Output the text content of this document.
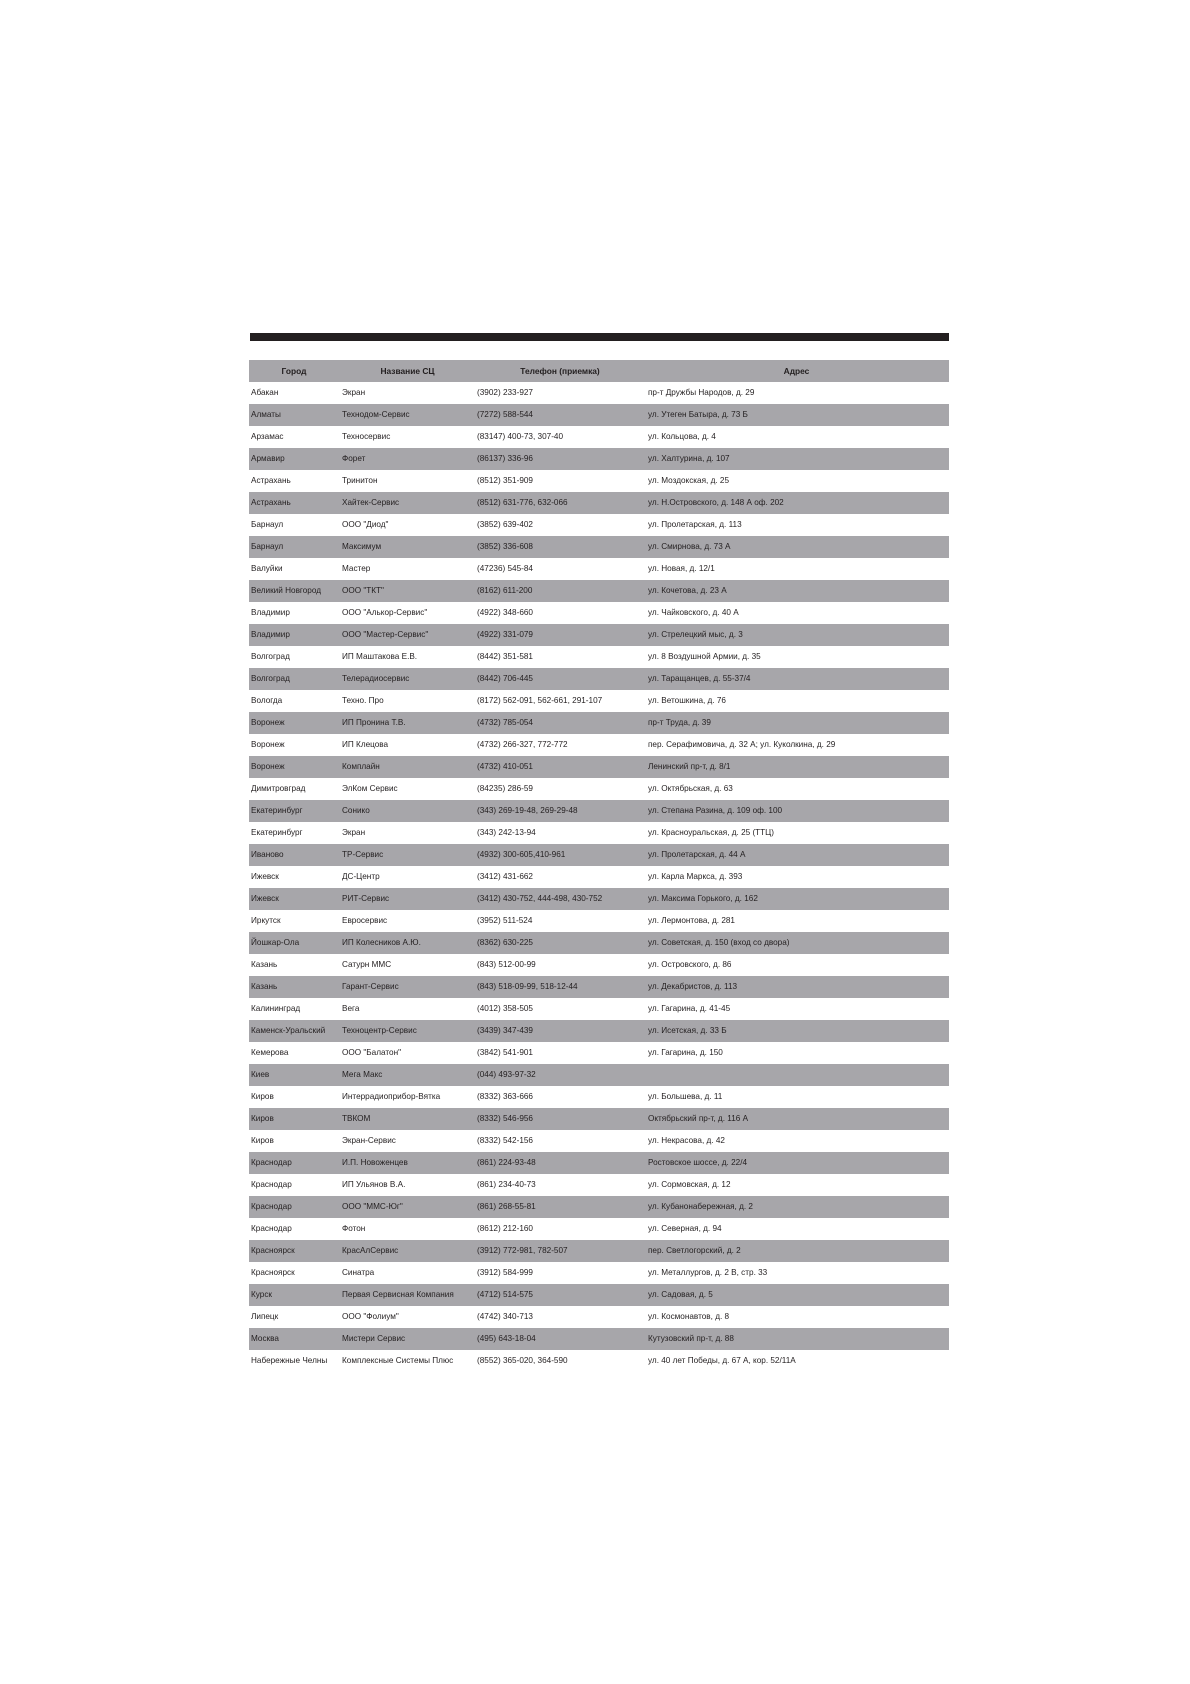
Город	Название СЦ	Телефон (приемка)	Адрес
Абакан	Экран	(3902) 233-927	пр-т Дружбы Народов, д. 29
Алматы	Технодом-Сервис	(7272) 588-544	ул. Утеген Батыра, д. 73 Б
Арзамас	Техносервис	(83147) 400-73, 307-40	ул. Кольцова, д. 4
Армавир	Форет	(86137) 336-96	ул. Халтурина, д. 107
Астрахань	Тринитон	(8512) 351-909	ул. Моздокская, д. 25
Астрахань	Хайтек-Сервис	(8512) 631-776, 632-066	ул. Н.Островского, д. 148 А оф. 202
Барнаул	ООО "Диод"	(3852) 639-402	ул. Пролетарская, д. 113
Барнаул	Максимум	(3852) 336-608	ул. Смирнова, д. 73 А
Валуйки	Мастер	(47236) 545-84	ул. Новая, д. 12/1
Великий Новгород	ООО "ТКТ"	(8162) 611-200	ул. Кочетова, д. 23 А
Владимир	ООО "Алькор-Сервис"	(4922) 348-660	ул. Чайковского, д. 40 А
Владимир	ООО "Мастер-Сервис"	(4922) 331-079	ул. Стрелецкий мыс, д. 3
Волгоград	ИП Маштакова Е.В.	(8442) 351-581	ул. 8 Воздушной Армии, д. 35
Волгоград	Телерадиосервис	(8442) 706-445	ул. Таращанцев, д. 55-37/4
Вологда	Техно. Про	(8172) 562-091, 562-661, 291-107	ул. Ветошкина, д. 76
Воронеж	ИП Пронина Т.В.	(4732) 785-054	пр-т Труда, д. 39
Воронеж	ИП Клецова	(4732) 266-327, 772-772	пер. Серафимовича, д. 32 А; ул. Куколкина, д. 29
Воронеж	Комплайн	(4732) 410-051	Ленинский пр-т, д. 8/1
Димитровград	ЭлКом Сервис	(84235) 286-59	ул. Октябрьская, д. 63
Екатеринбург	Сонико	(343) 269-19-48, 269-29-48	ул. Степана Разина, д. 109 оф. 100
Екатеринбург	Экран	(343) 242-13-94	ул. Красноуральская, д. 25 (ТТЦ)
Иваново	ТР-Сервис	(4932) 300-605,410-961	ул. Пролетарская, д. 44 А
Ижевск	ДС-Центр	(3412) 431-662	ул. Карла Маркса, д. 393
Ижевск	РИТ-Сервис	(3412) 430-752, 444-498, 430-752	ул. Максима Горького, д. 162
Иркутск	Евросервис	(3952) 511-524	ул. Лермонтова, д. 281
Йошкар-Ола	ИП Колесников А.Ю.	(8362) 630-225	ул. Советская, д. 150 (вход со двора)
Казань	Сатурн ММС	(843) 512-00-99	ул. Островского, д. 86
Казань	Гарант-Сервис	(843) 518-09-99, 518-12-44	ул. Декабристов, д. 113
Калининград	Вега	(4012) 358-505	ул. Гагарина, д. 41-45
Каменск-Уральский	Техноцентр-Сервис	(3439) 347-439	ул. Исетская, д. 33 Б
Кемерова	ООО "Балатон"	(3842) 541-901	ул. Гагарина, д. 150
Киев	Мега Макс	(044) 493-97-32	
Киров	Интеррадиоприбор-Вятка	(8332) 363-666	ул. Большева, д. 11
Киров	ТВКОМ	(8332) 546-956	Октябрьский пр-т, д. 116 А
Киров	Экран-Сервис	(8332) 542-156	ул. Некрасова, д. 42
Краснодар	И.П. Новоженцев	(861) 224-93-48	Ростовское шоссе, д. 22/4
Краснодар	ИП Ульянов В.А.	(861) 234-40-73	ул. Сормовская, д. 12
Краснодар	ООО "ММС-Юг"	(861) 268-55-81	ул. Кубанонабережная, д. 2
Краснодар	Фотон	(8612) 212-160	ул. Северная, д. 94
Красноярск	КрасАлСервис	(3912) 772-981, 782-507	пер. Светлогорский, д. 2
Красноярск	Синатра	(3912) 584-999	ул. Металлургов, д. 2 В, стр. 33
Курск	Первая Сервисная Компания	(4712) 514-575	ул. Садовая, д. 5
Липецк	ООО "Фолиум"	(4742) 340-713	ул. Космонавтов, д. 8
Москва	Мистери Сервис	(495) 643-18-04	Кутузовский пр-т, д. 88
Набережные Челны	Комплексные Системы Плюс	(8552) 365-020, 364-590	ул. 40 лет Победы, д. 67 А, кор. 52/11А
